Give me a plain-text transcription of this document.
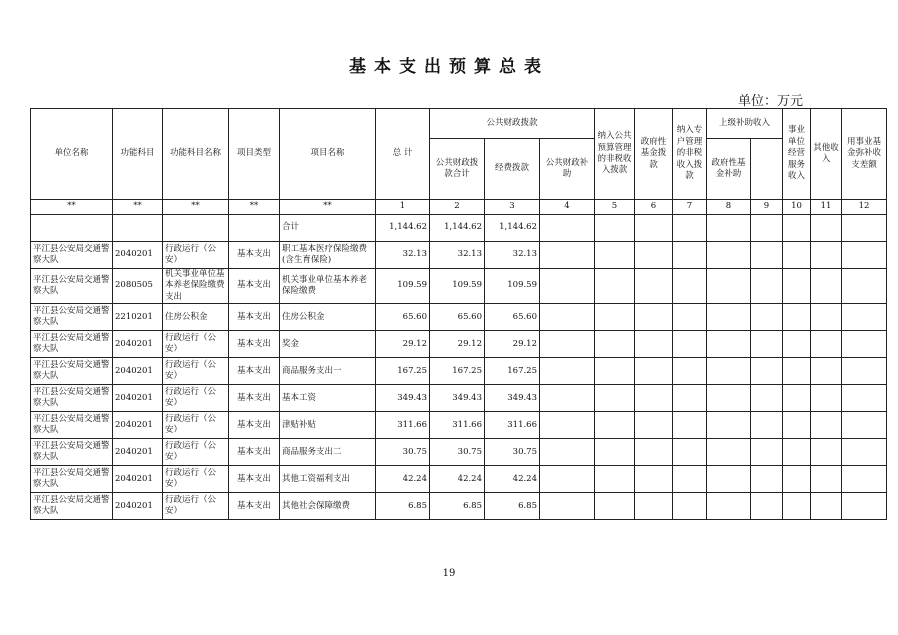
基本支出预算总表
单位：万元
单位名称	功能科目	功能科目名称	项目类型	项目名称	总 计	公共财政拨款			纳入公共预算管理的非税收入拨款	政府性基金拨款	纳入专户管理的非税收入拨款	上级补助收入		事业单位经营服务收入	其他收入	用事业基金弥补收支差额	
						公共财政拨款合计	经费拨款	公共财政补助				政府性基金补助					
**	**	**	**	**	1	2	3	4	5	6	7	8	9	10	11	12	
				合计	1,144.62	1,144.62	1,144.62										
平江县公安局交通警察大队	2040201	行政运行（公安）	基本支出	职工基本医疗保险缴费(含生育保险)	32.13	32.13	32.13										
平江县公安局交通警察大队	2080505	机关事业单位基本养老保险缴费支出	基本支出	机关事业单位基本养老保险缴费	109.59	109.59	109.59										
平江县公安局交通警察大队	2210201	住房公积金	基本支出	住房公积金	65.60	65.60	65.60										
平江县公安局交通警察大队	2040201	行政运行（公安）	基本支出	奖金	29.12	29.12	29.12										
平江县公安局交通警察大队	2040201	行政运行（公安）	基本支出	商品服务支出一	167.25	167.25	167.25										
平江县公安局交通警察大队	2040201	行政运行（公安）	基本支出	基本工资	349.43	349.43	349.43										
平江县公安局交通警察大队	2040201	行政运行（公安）	基本支出	津贴补贴	311.66	311.66	311.66										
平江县公安局交通警察大队	2040201	行政运行（公安）	基本支出	商品服务支出二	30.75	30.75	30.75										
平江县公安局交通警察大队	2040201	行政运行（公安）	基本支出	其他工资福利支出	42.24	42.24	42.24										
平江县公安局交通警察大队	2040201	行政运行（公安）	基本支出	其他社会保障缴费	6.85	6.85	6.85										
19
